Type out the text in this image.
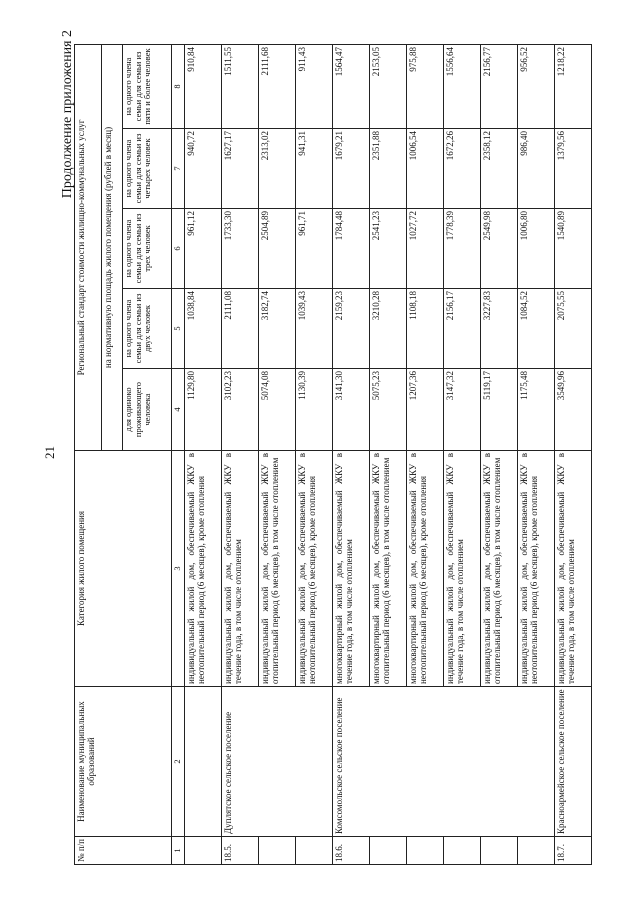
21
Продолжение приложения 2
№ п/п	Наименование муниципальных образований	Категория жилого помещения	Региональный стандарт стоимости жилищно-коммунальных услуг				
			на нормативную площадь жилого помещения (рублей в месяц)				
			для одиноко проживающего человека	на одного члена семьи для семьи из двух человек	на одного члена семьи для семьи из трех человек	на одного члена семьи для семьи из четырех человек	на одного члена семьи для семьи из пяти и более человек
1	2	3	4	5	6	7	8
		индивидуальный жилой дом, обеспечиваемый ЖКУ в неотопительный период (6 месяцев), кроме отопления	1129,80	1038,84	961,12	940,72	910,84
18.5.	Дуплятское сельское поселение	индивидуальный жилой дом, обеспечиваемый ЖКУ в течение года, в том числе отоплением	3102,23	2111,08	1733,30	1627,17	1511,55
		индивидуальный жилой дом, обеспечиваемый ЖКУ в отопительный период (6 месяцев), в том числе отоплением	5074,08	3182,74	2504,89	2313,02	2111,68
		индивидуальный жилой дом, обеспечиваемый ЖКУ в неотопительный период (6 месяцев), кроме отопления	1130,39	1039,43	961,71	941,31	911,43
18.6.	Комсомольское сельское поселение	многоквартирный жилой дом, обеспечиваемый ЖКУ в течение года, в том числе отоплением	3141,30	2159,23	1784,48	1679,21	1564,47
		многоквартирный жилой дом, обеспечиваемый ЖКУ в отопительный период (6 месяцев), в том числе отоплением	5075,23	3210,28	2541,23	2351,88	2153,05
		многоквартирный жилой дом, обеспечиваемый ЖКУ в неотопительный период (6 месяцев), кроме отопления	1207,36	1108,18	1027,72	1006,54	975,88
		индивидуальный жилой дом, обеспечиваемый ЖКУ в течение года, в том числе отоплением	3147,32	2156,17	1778,39	1672,26	1556,64
		индивидуальный жилой дом, обеспечиваемый ЖКУ в отопительный период (6 месяцев), в том числе отоплением	5119,17	3227,83	2549,98	2358,12	2156,77
		индивидуальный жилой дом, обеспечиваемый ЖКУ в неотопительный период (6 месяцев), кроме отопления	1175,48	1084,52	1006,80	986,40	956,52
18.7.	Красноармейское сельское поселение	индивидуальный жилой дом, обеспечиваемый ЖКУ в течение года, в том числе отоплением	3549,96	2075,55	1540,89	1379,56	1218,22
